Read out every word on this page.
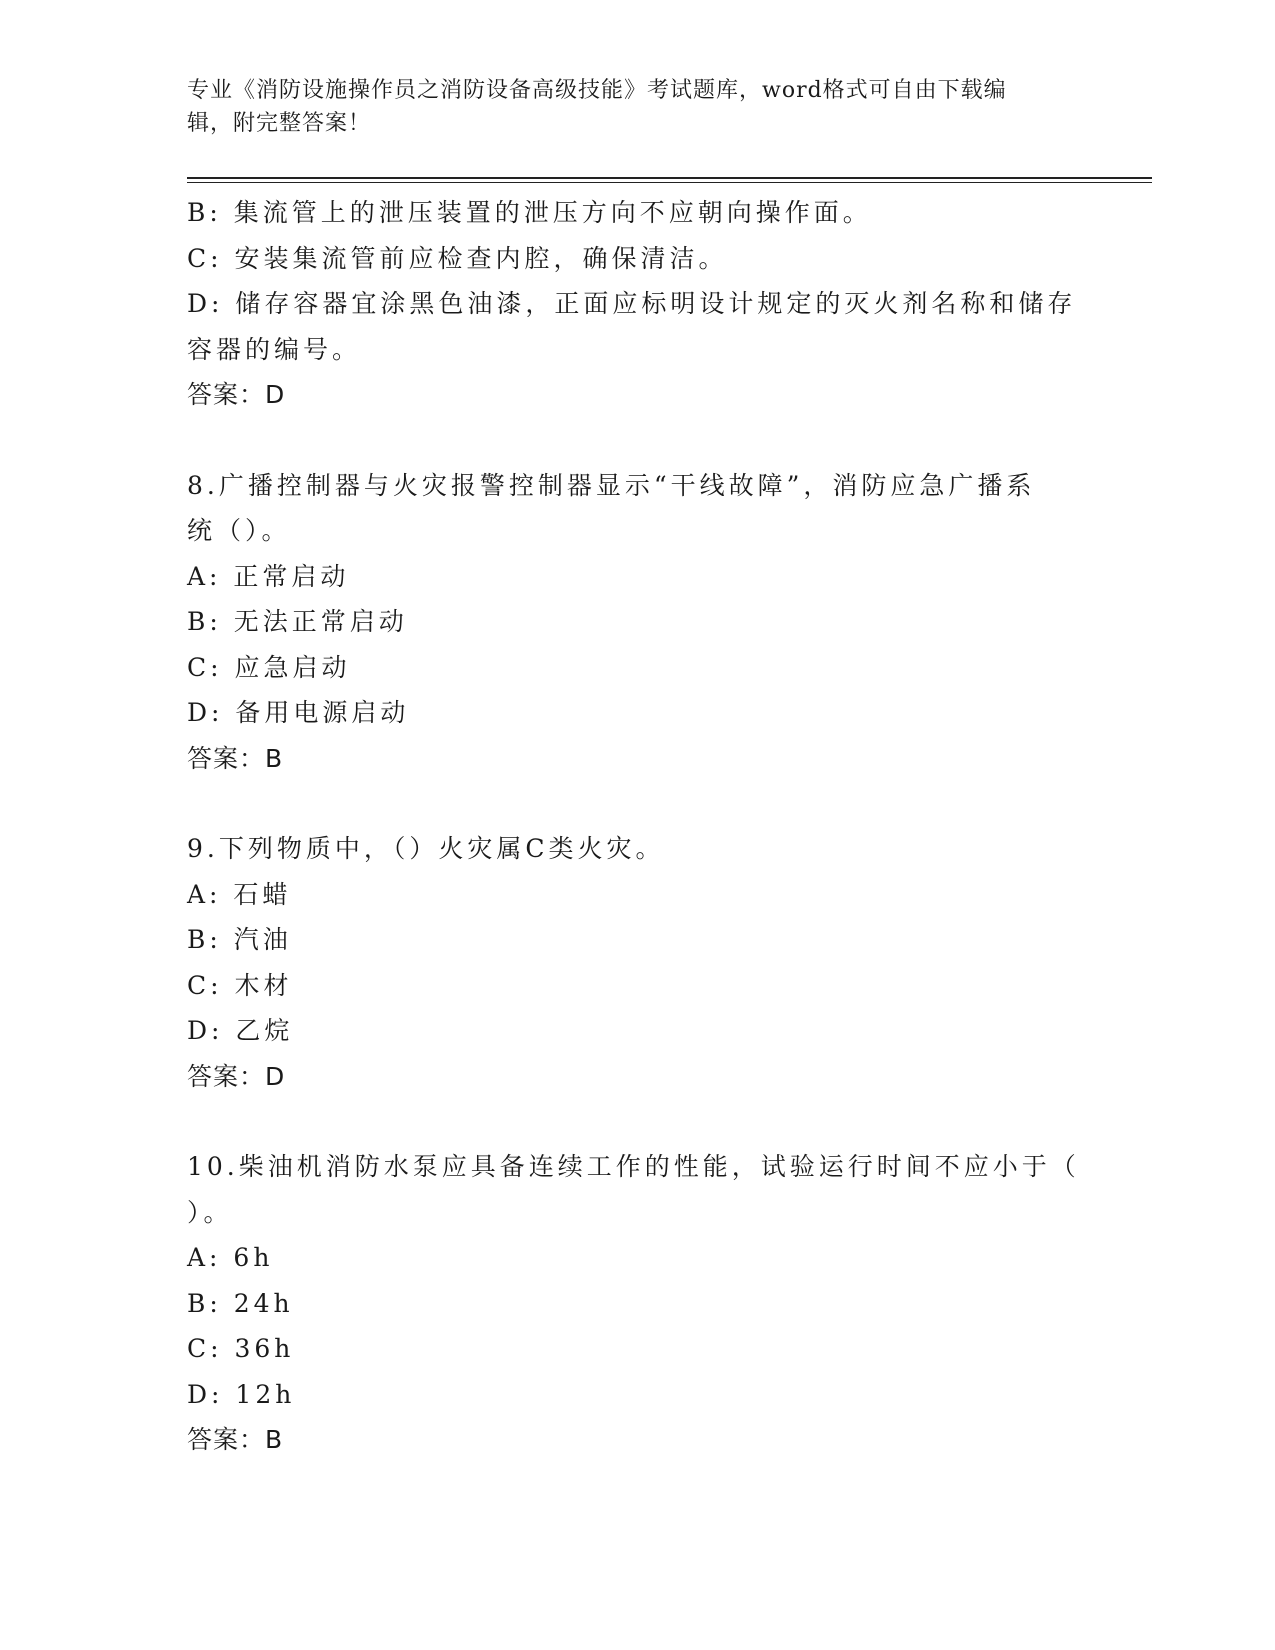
专业《消防设施操作员之消防设备高级技能》考试题库，word格式可自由下载编
辑，附完整答案！
B: 集流管上的泄压装置的泄压方向不应朝向操作面。
C: 安装集流管前应检查内腔，确保清洁。
D: 储存容器宜涂黑色油漆，正面应标明设计规定的灭火剂名称和储存
容器的编号。
答案：D
8.广播控制器与火灾报警控制器显示“干线故障”，消防应急广播系
统（）。
A: 正常启动
B: 无法正常启动
C: 应急启动
D: 备用电源启动
答案：B
9.下列物质中，（）火灾属C类火灾。
A: 石蜡
B: 汽油
C: 木材
D: 乙烷
答案：D
10.柴油机消防水泵应具备连续工作的性能，试验运行时间不应小于（
）。
A: 6h
B: 24h
C: 36h
D: 12h
答案：B
